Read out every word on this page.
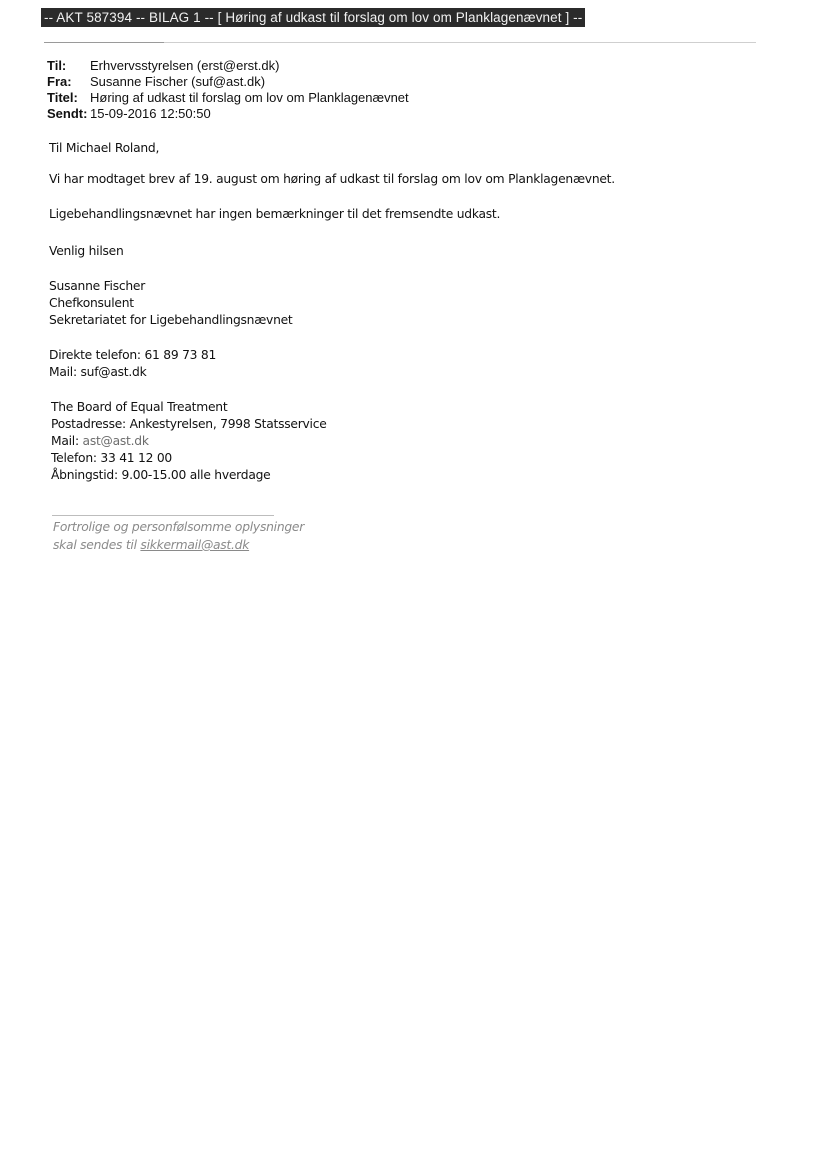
-- AKT 587394 -- BILAG 1 -- [ Høring af udkast til forslag om lov om Planklagenævnet ] --
Til:	Erhvervsstyrelsen (erst@erst.dk)
Fra:	Susanne Fischer (suf@ast.dk)
Titel: Høring af udkast til forslag om lov om Planklagenævnet
Sendt: 15-09-2016 12:50:50
Til Michael Roland,
Vi har modtaget brev af 19. august om høring af udkast til forslag om lov om Planklagenævnet.
Ligebehandlingsnævnet har ingen bemærkninger til det fremsendte udkast.
Venlig hilsen
Susanne Fischer
Chefkonsulent
Sekretariatet for Ligebehandlingsnævnet
Direkte telefon: 61 89 73 81
Mail: suf@ast.dk
The Board of Equal Treatment
Postadresse: Ankestyrelsen, 7998 Statsservice
Mail: ast@ast.dk
Telefon: 33 41 12 00
Åbningstid: 9.00-15.00 alle hverdage
Fortrolige og personfølsomme oplysninger
skal sendes til sikkermail@ast.dk
